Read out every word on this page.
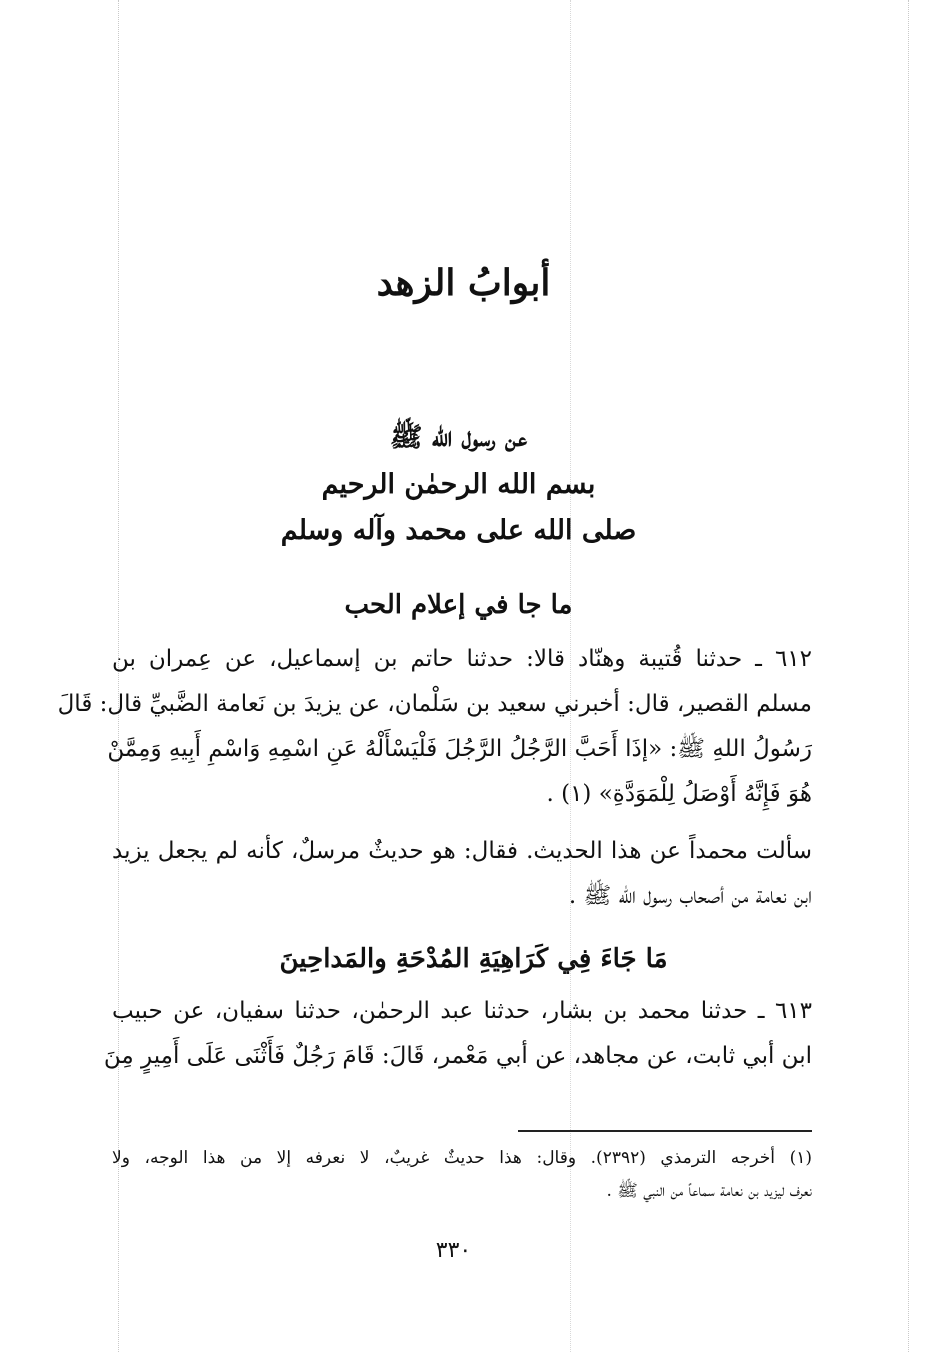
أبوابُ الزهد
عن رسول الله ﷺ
بسم الله الرحمٰن الرحيم
صلى الله على محمد وآله وسلم
ما جا في إعلام الحب
٦١٢ ـ حدثنا قُتيبة وهنّاد قالا: حدثنا حاتم بن إسماعيل، عن عِمران بن
مسلم القصير، قال: أخبرني سعيد بن سَلْمان، عن يزيدَ بن نَعامة الضَّبيِّ قال: قَالَ
رَسُولُ اللهِ ﷺ: «إذَا أَحَبَّ الرَّجُلُ الرَّجُلَ فَلْيَسْأَلْهُ عَنِ اسْمِهِ وَاسْمِ أَبِيهِ وَمِمَّنْ
هُوَ فَإِنَّهُ أَوْصَلُ لِلْمَوَدَّةِ» (١) .
سألت محمداً عن هذا الحديث. فقال: هو حديثٌ مرسلٌ، كأنه لم يجعل يزيد
ابن نعامة من أصحاب رسول الله ﷺ .
مَا جَاءَ فِي كَرَاهِيَةِ المُدْحَةِ والمَداحِينَ
٦١٣ ـ حدثنا محمد بن بشار، حدثنا عبد الرحمٰن، حدثنا سفيان، عن حبيب
ابن أبي ثابت، عن مجاهد، عن أبي مَعْمر، قَالَ: قَامَ رَجُلٌ فَأَثْنَى عَلَى أَمِيرٍ مِنَ
(١) أخرجه الترمذي (٢٣٩٢). وقال: هذا حديثٌ غريبٌ، لا نعرفه إلا من هذا الوجه، ولا
نعرف ليزيد بن نعامة سماعاً من النبي ﷺ .
٣٣٠
